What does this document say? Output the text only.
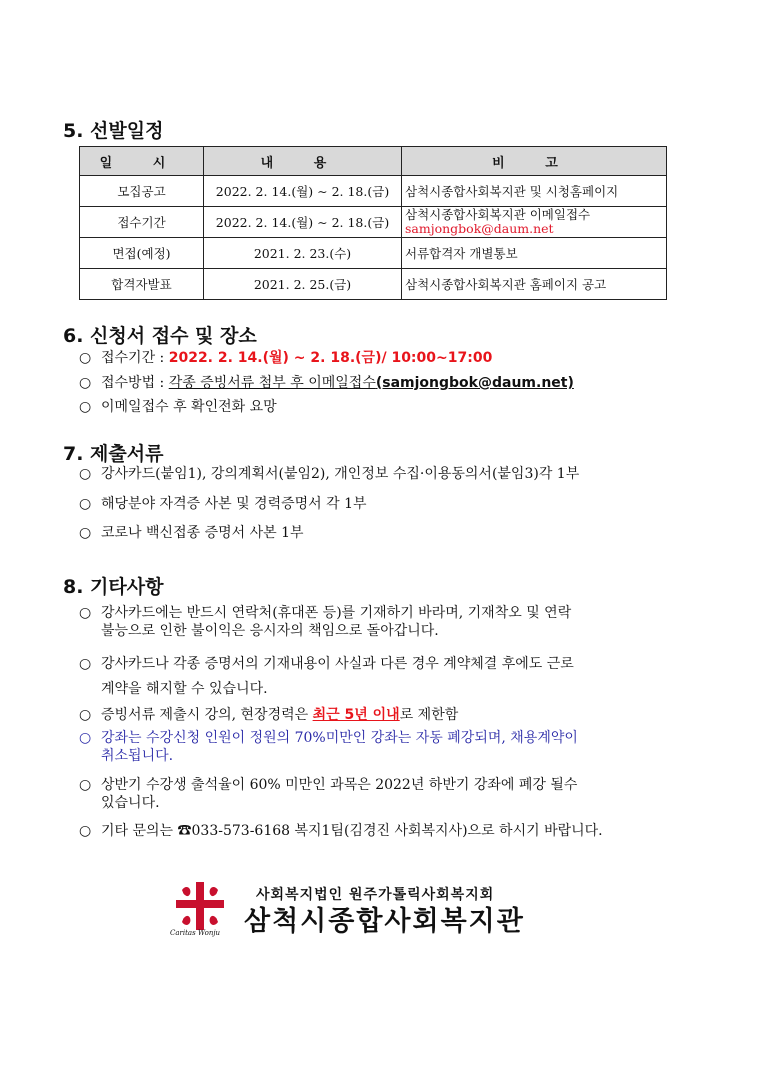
5. 선발일정
일 시	내 용	비 고
모집공고	2022. 2. 14.(월) ∼ 2. 18.(금)	삼척시종합사회복지관 및 시청홈페이지
접수기간	2022. 2. 14.(월) ∼ 2. 18.(금)	삼척시종합사회복지관 이메일접수
samjongbok@daum.net
면접(예정)	2021. 2. 23.(수)	서류합격자 개별통보
합격자발표	2021. 2. 25.(금)	삼척시종합사회복지관 홈페이지 공고
6. 신청서 접수 및 장소
○ 접수기간 : 2022. 2. 14.(월) ~ 2. 18.(금)/ 10:00~17:00
○ 접수방법 : 각종 증빙서류 첨부 후 이메일접수(samjongbok@daum.net)
○ 이메일접수 후 확인전화 요망
7. 제출서류
○ 강사카드(붙임1), 강의계획서(붙임2), 개인정보 수집·이용동의서(붙임3)각 1부
○ 해당분야 자격증 사본 및 경력증명서 각 1부
○ 코로나 백신접종 증명서 사본 1부
8. 기타사항
○ 강사카드에는 반드시 연락처(휴대폰 등)를 기재하기 바라며, 기재착오 및 연락
불능으로 인한 불이익은 응시자의 책임으로 돌아갑니다.
○ 강사카드나 각종 증명서의 기재내용이 사실과 다른 경우 계약체결 후에도 근로
계약을 해지할 수 있습니다.
○ 증빙서류 제출시 강의, 현장경력은 최근 5년 이내로 제한함
○ 강좌는 수강신청 인원이 정원의 70%미만인 강좌는 자동 폐강되며, 채용계약이
취소됩니다.
○ 상반기 수강생 출석율이 60% 미만인 과목은 2022년 하반기 강좌에 폐강 될수
있습니다.
○ 기타 문의는 ☎033-573-6168 복지1팀(김경진 사회복지사)으로 하시기 바랍니다.
Caritas Wonju
사회복지법인 원주가톨릭사회복지회
삼척시종합사회복지관
